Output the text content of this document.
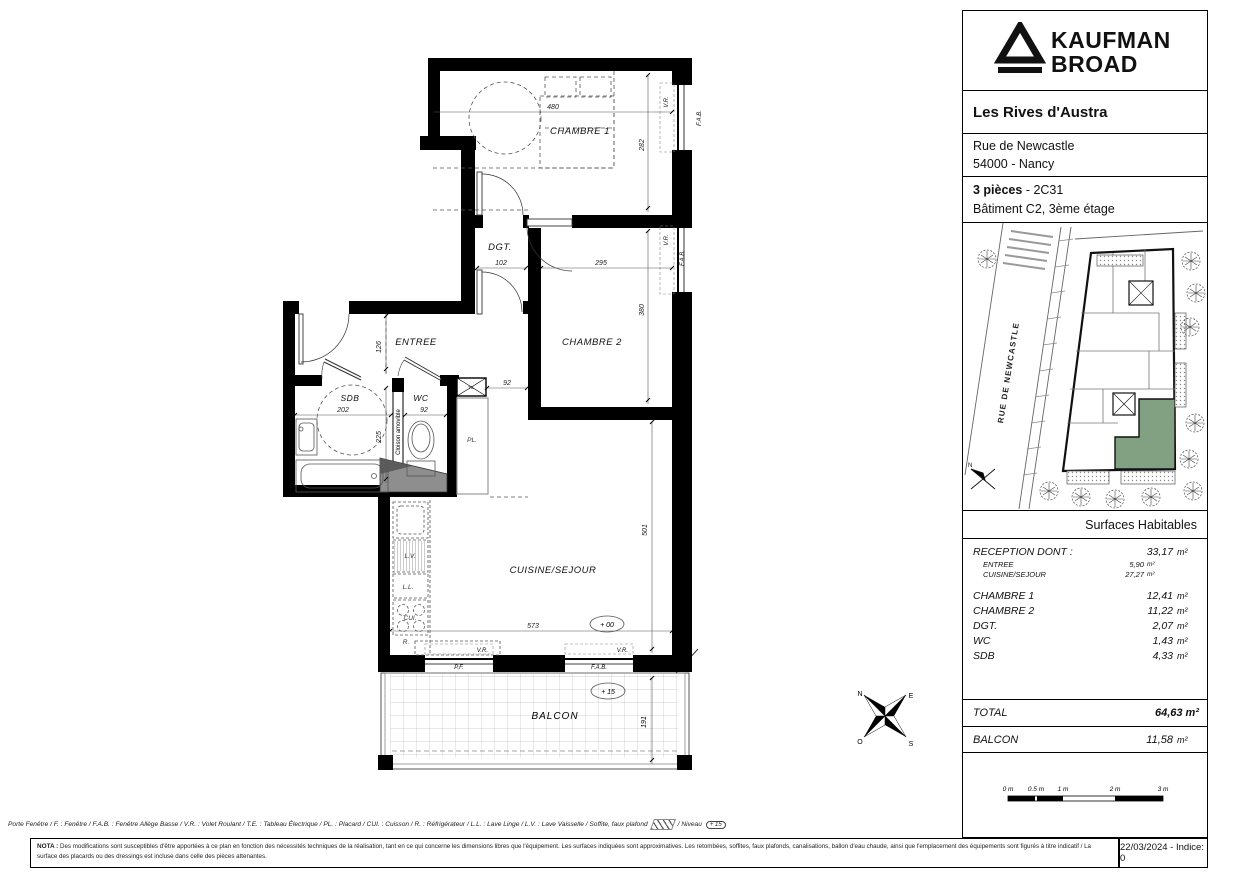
BALCON
+ 15
191
Cloison amovible
V.R.
F.A.B.
V.R.
F.A.B.
V.R.	V.R.
P.F.	F.A.B.
L.V.
L.L.
CUI.
R.
PL.
TE
CHAMBRE 1
CHAMBRE 2
DGT.
ENTREE
SDB	WC
CUISINE/SEJOUR
+ 00
480
282
102	295
380
126
202	92
225
92
573
501
N	E
O	S
KAUFMAN
BROAD
Les Rives d'Austra
Rue de Newcastle
54000 - Nancy
3 pièces - 2C31
Bâtiment C2, 3ème étage
RUE DE NEWCASTLE
N
Surfaces Habitables
RECEPTION DONT :	33,17 m²
ENTREE	5,90 m²
CUISINE/SEJOUR	27,27 m²
CHAMBRE 1	12,41 m²
CHAMBRE 2	11,22 m²
DGT.	2,07 m²
WC	1,43 m²
SDB	4,33 m²
TOTAL	64,63 m²
BALCON	11,58 m²
0 m 0.5 m 1 m	2 m	3 m
Porte Fenêtre / F. : Fenêtre / F.A.B. : Fenêtre Allège Basse / V.R. : Volet Roulant / T.E. : Tableau Électrique / PL. : Placard / CUI. : Cuisson / R. : Réfrigérateur / L.L. : Lave Linge / L.V. : Lave Vaisselle / Soffite, faux plafond	/ Niveau	+ 15
NOTA : Des modifications sont susceptibles d'être apportées à ce plan en fonction des nécessités techniques de la réalisation, tant en ce qui concerne les dimensions libres que l'équipement. Les surfaces indiquées sont approximatives. Les retombées, soffites, faux plafonds, canalisations, ballon d'eau chaude, ainsi que l'emplacement des équipements sont figurés à titre indicatif / La surface des placards ou des dressings est incluse dans celle des pièces attenantes.
22/03/2024 - Indice: 0
